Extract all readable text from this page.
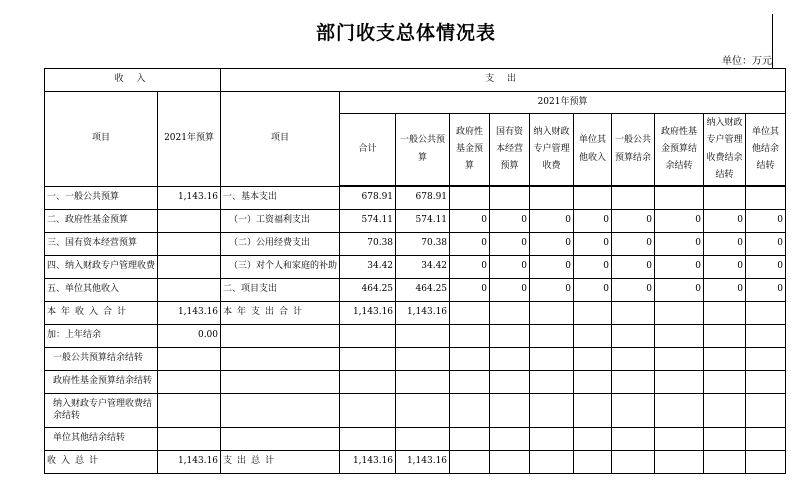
部门收支总体情况表
单位：万元
收 入		支 出										
项目	2021年预算	项目	2021年预算									
			合计	一般公共预算	政府性基金预算	国有资本经营预算	纳入财政专户管理收费	单位其他收入	一般公共预算结余	政府性基金预算结余结转	纳入财政专户管理收费结余结转	单位其他结余结转

一、一般公共预算	1,143.16	一、基本支出	678.91	678.91								
二、政府性基金预算		（一）工资福利支出	574.11	574.11	0	0	0	0	0	0	0	0
三、国有资本经营预算		（二）公用经费支出	70.38	70.38	0	0	0	0	0	0	0	0
四、纳入财政专户管理收费		（三）对个人和家庭的补助	34.42	34.42	0	0	0	0	0	0	0	0
五、单位其他收入		二、项目支出	464.25	464.25	0	0	0	0	0	0	0	0
本年收入合计	1,143.16	本年支出合计	1,143.16	1,143.16								
加：上年结余	0.00											
一般公共预算结余结转												
政府性基金预算结余结转												
纳入财政专户管理收费结余结转												
单位其他结余结转												
收入总计	1,143.16	支出总计	1,143.16	1,143.16								
